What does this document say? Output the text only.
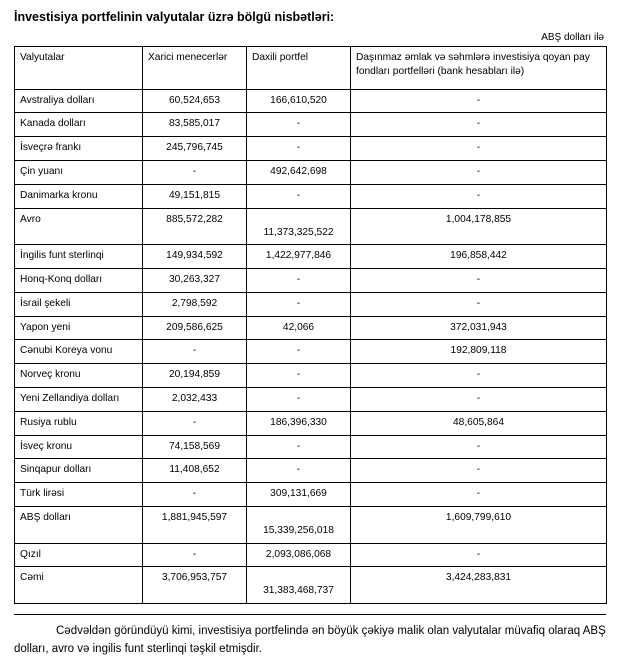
İnvestisiya portfelinin valyutalar üzrə bölgü nisbətləri:
ABŞ dolları ilə
Valyutalar	Xarici menecerlər	Daxili portfel	Daşınmaz əmlak və səhmlərə investisiya qoyan pay fondları portfelləri (bank hesabları ilə)
Avstraliya dolları	60,524,653	166,610,520	-
Kanada dolları	83,585,017	-	-
İsveçrə frankı	245,796,745	-	-
Çin yuanı	-	492,642,698	-
Danimarka kronu	49,151,815	-	-
Avro	885,572,282	11,373,325,522	1,004,178,855
İngilis funt sterlinqi	149,934,592	1,422,977,846	196,858,442
Honq-Konq dolları	30,263,327	-	-
İsrail şekeli	2,798,592	-	-
Yapon yeni	209,586,625	42,066	372,031,943
Cənubi Koreya vonu	-	-	192,809,118
Norveç kronu	20,194,859	-	-
Yeni Zellandiya dolları	2,032,433	-	-
Rusiya rublu	-	186,396,330	48,605,864
İsveç kronu	74,158,569	-	-
Sinqapur dolları	11,408,652	-	-
Türk lirəsi	-	309,131,669	-
ABŞ dolları	1,881,945,597	15,339,256,018	1,609,799,610
Qızıl	-	2,093,086,068	-
Cəmi	3,706,953,757	31,383,468,737	3,424,283,831

Cədvəldən göründüyü kimi, investisiya portfelində ən böyük çəkiyə malik olan valyutalar müvafiq olaraq ABŞ dolları, avro və ingilis funt sterlinqi təşkil etmişdir.
